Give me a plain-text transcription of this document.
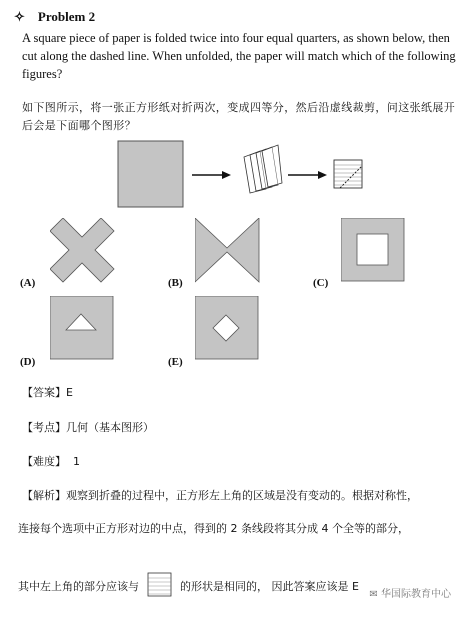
✧ Problem 2
A square piece of paper is folded twice into four equal quarters, as shown below, then cut along the dashed line. When unfolded, the paper will match which of the following figures?
如下图所示，将一张正方形纸对折两次，变成四等分，然后沿虚线裁剪，问这张纸展开后会是下面哪个图形？
(A)	(B)	(C)
(D)	(E)
【答案】E
【考点】几何（基本图形）
【难度】 1
【解析】观察到折叠的过程中，正方形左上角的区域是没有变动的。根据对称性，
连接每个选项中正方形对边的中点，得到的 2 条线段将其分成 4 个全等的部分，
其中左上角的部分应该与	的形状是相同的， 因此答案应该是 E
✉ 华国际教育中心
